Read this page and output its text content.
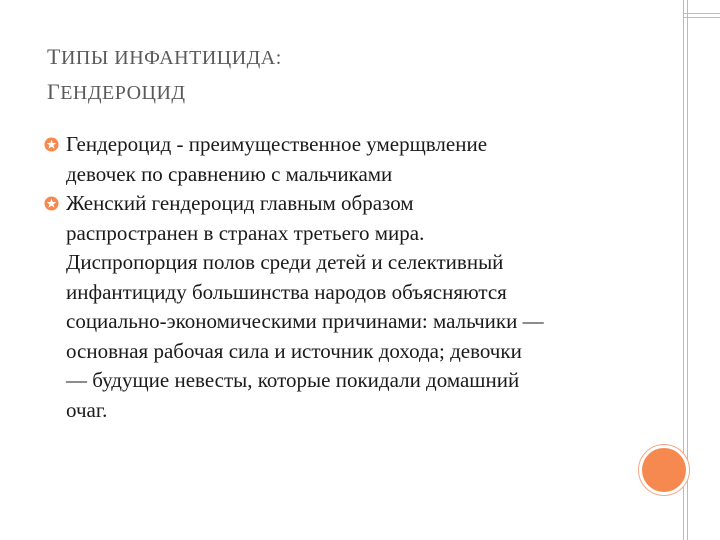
ТИПЫ ИНФАНТИЦИДА:
ГЕНДЕРОЦИД
Гендероцид - преимущественное умерщвление
девочек по сравнению с мальчиками
Женский гендероцид главным образом
распространен в странах третьего мира.
Диспропорция полов среди детей и селективный
инфантициду большинства народов объясняются
социально-экономическими причинами: мальчики —
основная рабочая сила и источник дохода; девочки
— будущие невесты, которые покидали домашний
очаг.
